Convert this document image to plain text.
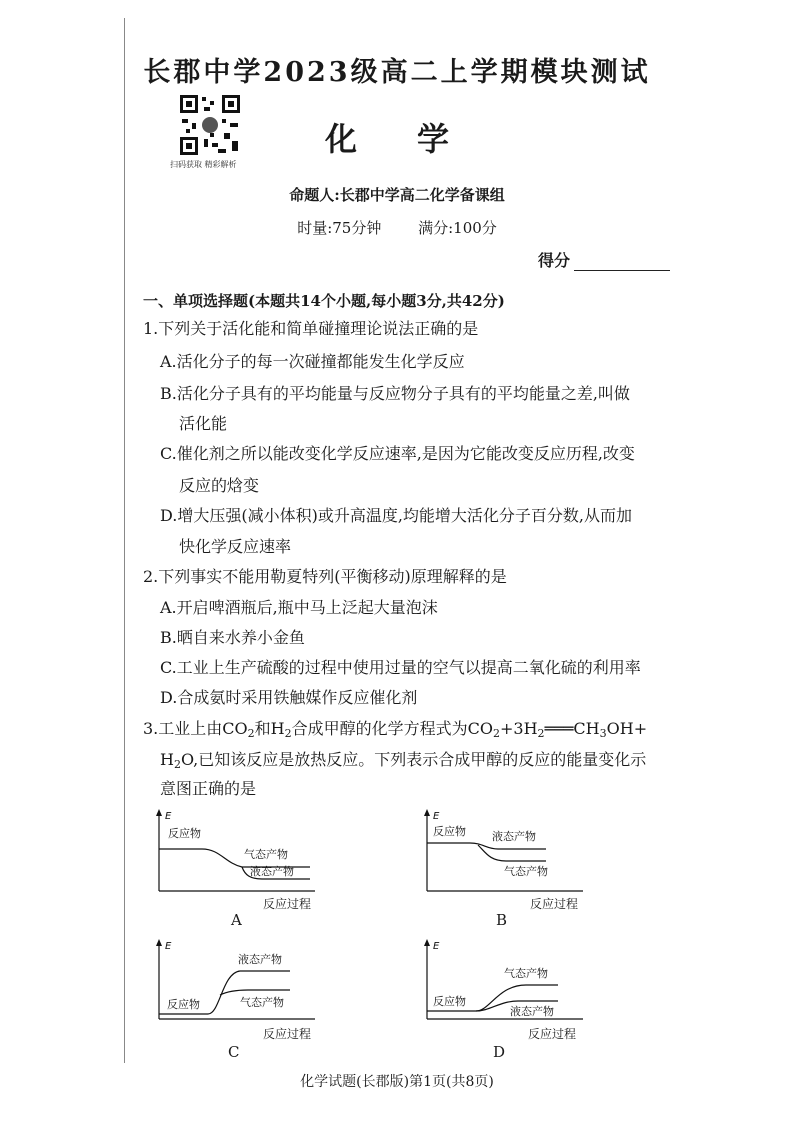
长郡中学2023级高二上学期模块测试
扫码获取 精彩解析
化学
命题人:长郡中学高二化学备课组
时量:75分钟 满分:100分
得分
一、单项选择题(本题共14个小题,每小题3分,共42分)
1.下列关于活化能和简单碰撞理论说法正确的是
A.活化分子的每一次碰撞都能发生化学反应
B.活化分子具有的平均能量与反应物分子具有的平均能量之差,叫做
活化能
C.催化剂之所以能改变化学反应速率,是因为它能改变反应历程,改变
反应的焓变
D.增大压强(减小体积)或升高温度,均能增大活化分子百分数,从而加
快化学反应速率
2.下列事实不能用勒夏特列(平衡移动)原理解释的是
A.开启啤酒瓶后,瓶中马上泛起大量泡沫
B.晒自来水养小金鱼
C.工业上生产硫酸的过程中使用过量的空气以提高二氧化硫的利用率
D.合成氨时采用铁触媒作反应催化剂
3.工业上由$CO_2$和$H_2$合成甲醇的化学方程式为$CO_2+3H_2═══CH_3OH+$
$H_2O$,已知该反应是放热反应。下列表示合成甲醇的反应的能量变化示
意图正确的是
E
反应物
气态产物
液态产物
反应过程
A
E
反应物 液态产物
气态产物
反应过程
B
E
反应物
液态产物
气态产物
反应过程
C
E
反应物
气态产物
液态产物
反应过程
D
化学试题(长郡版)第1页(共8页)
